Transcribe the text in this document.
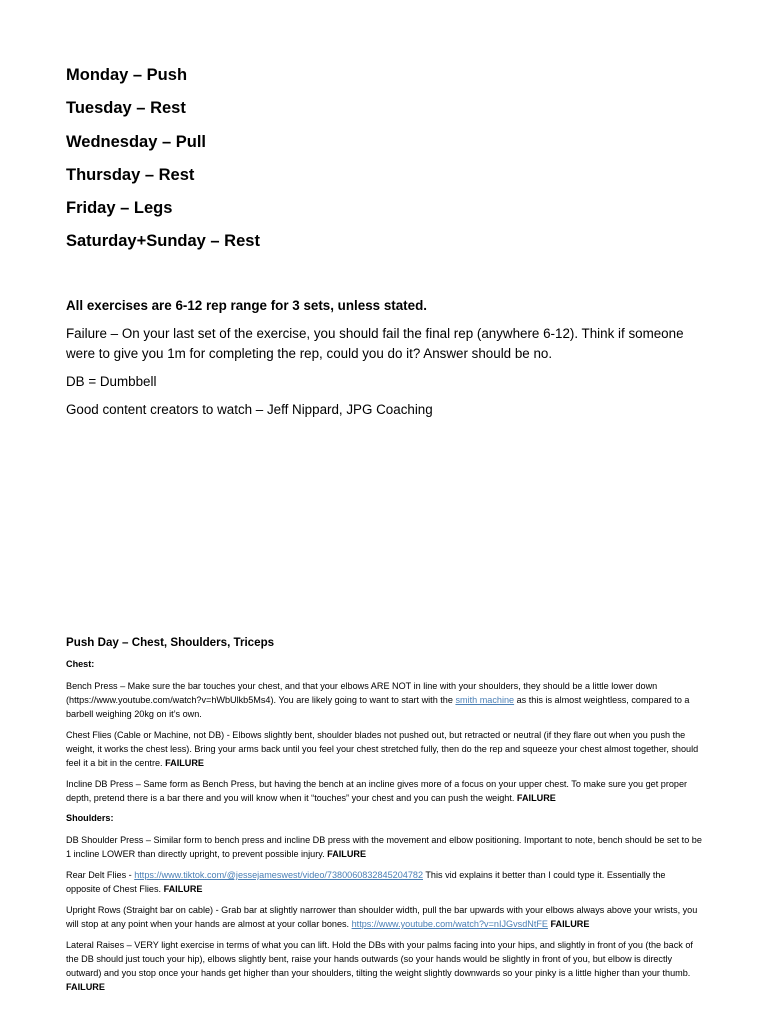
Monday – Push
Tuesday – Rest
Wednesday – Pull
Thursday – Rest
Friday – Legs
Saturday+Sunday – Rest

All exercises are 6-12 rep range for 3 sets, unless stated.

Failure – On your last set of the exercise, you should fail the final rep (anywhere 6-12). Think if someone were to give you 1m for completing the rep, could you do it? Answer should be no.

DB = Dumbbell

Good content creators to watch – Jeff Nippard, JPG Coaching

Push Day – Chest, Shoulders, Triceps

Chest:

Bench Press – Make sure the bar touches your chest, and that your elbows ARE NOT in line with your shoulders, they should be a little lower down (https://www.youtube.com/watch?v=hWbUlkb5Ms4). You are likely going to want to start with the smith machine as this is almost weightless, compared to a barbell weighing 20kg on it’s own.

Chest Flies (Cable or Machine, not DB) - Elbows slightly bent, shoulder blades not pushed out, but retracted or neutral (if they flare out when you push the weight, it works the chest less). Bring your arms back until you feel your chest stretched fully, then do the rep and squeeze your chest almost together, should feel it a bit in the centre. FAILURE

Incline DB Press – Same form as Bench Press, but having the bench at an incline gives more of a focus on your upper chest. To make sure you get proper depth, pretend there is a bar there and you will know when it “touches” your chest and you can push the weight. FAILURE

Shoulders:

DB Shoulder Press – Similar form to bench press and incline DB press with the movement and elbow positioning. Important to note, bench should be set to be 1 incline LOWER than directly upright, to prevent possible injury. FAILURE

Rear Delt Flies - https://www.tiktok.com/@jessejameswest/video/7380060832845204782 This vid explains it better than I could type it. Essentially the opposite of Chest Flies. FAILURE

Upright Rows (Straight bar on cable) - Grab bar at slightly narrower than shoulder width, pull the bar upwards with your elbows always above your wrists, you will stop at any point when your hands are almost at your collar bones. https://www.youtube.com/watch?v=nIJGvsdNtFE FAILURE

Lateral Raises – VERY light exercise in terms of what you can lift. Hold the DBs with your palms facing into your hips, and slightly in front of you (the back of the DB should just touch your hip), elbows slightly bent, raise your hands outwards (so your hands would be slightly in front of you, but elbow is directly outward) and you stop once your hands get higher than your shoulders, tilting the weight slightly downwards so your pinky is a little higher than your thumb. FAILURE
